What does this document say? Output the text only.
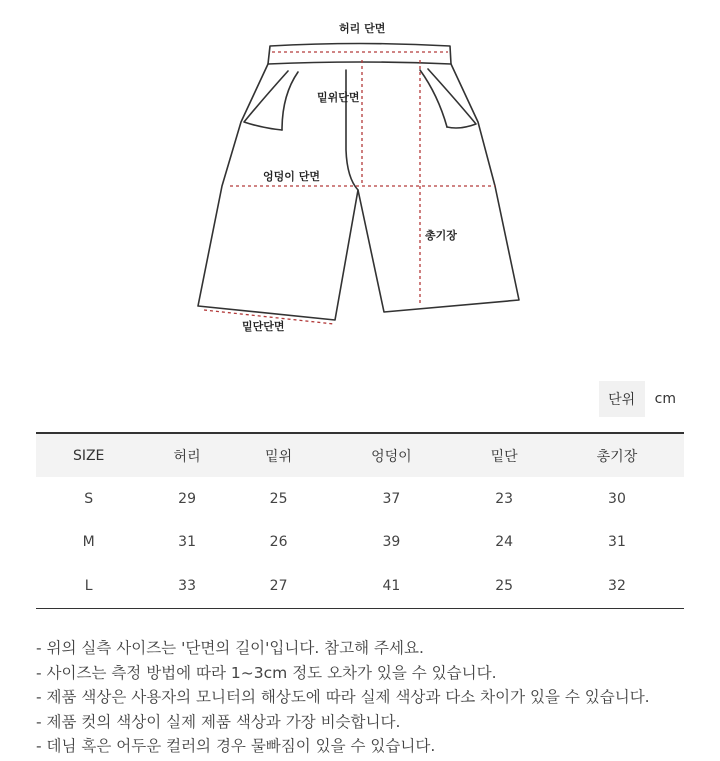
허리 단면
밑위단면
엉덩이 단면
총기장
밑단단면
단위	cm
SIZE	허리	밑위	엉덩이	밑단	총기장
S	29	25	37	23	30
M	31	26	39	24	31
L	33	27	41	25	32
- 위의 실측 사이즈는 '단면의 길이'입니다. 참고해 주세요.
- 사이즈는 측정 방법에 따라 1~3cm 정도 오차가 있을 수 있습니다.
- 제품 색상은 사용자의 모니터의 해상도에 따라 실제 색상과 다소 차이가 있을 수 있습니다.
- 제품 컷의 색상이 실제 제품 색상과 가장 비슷합니다.
- 데님 혹은 어두운 컬러의 경우 물빠짐이 있을 수 있습니다.
